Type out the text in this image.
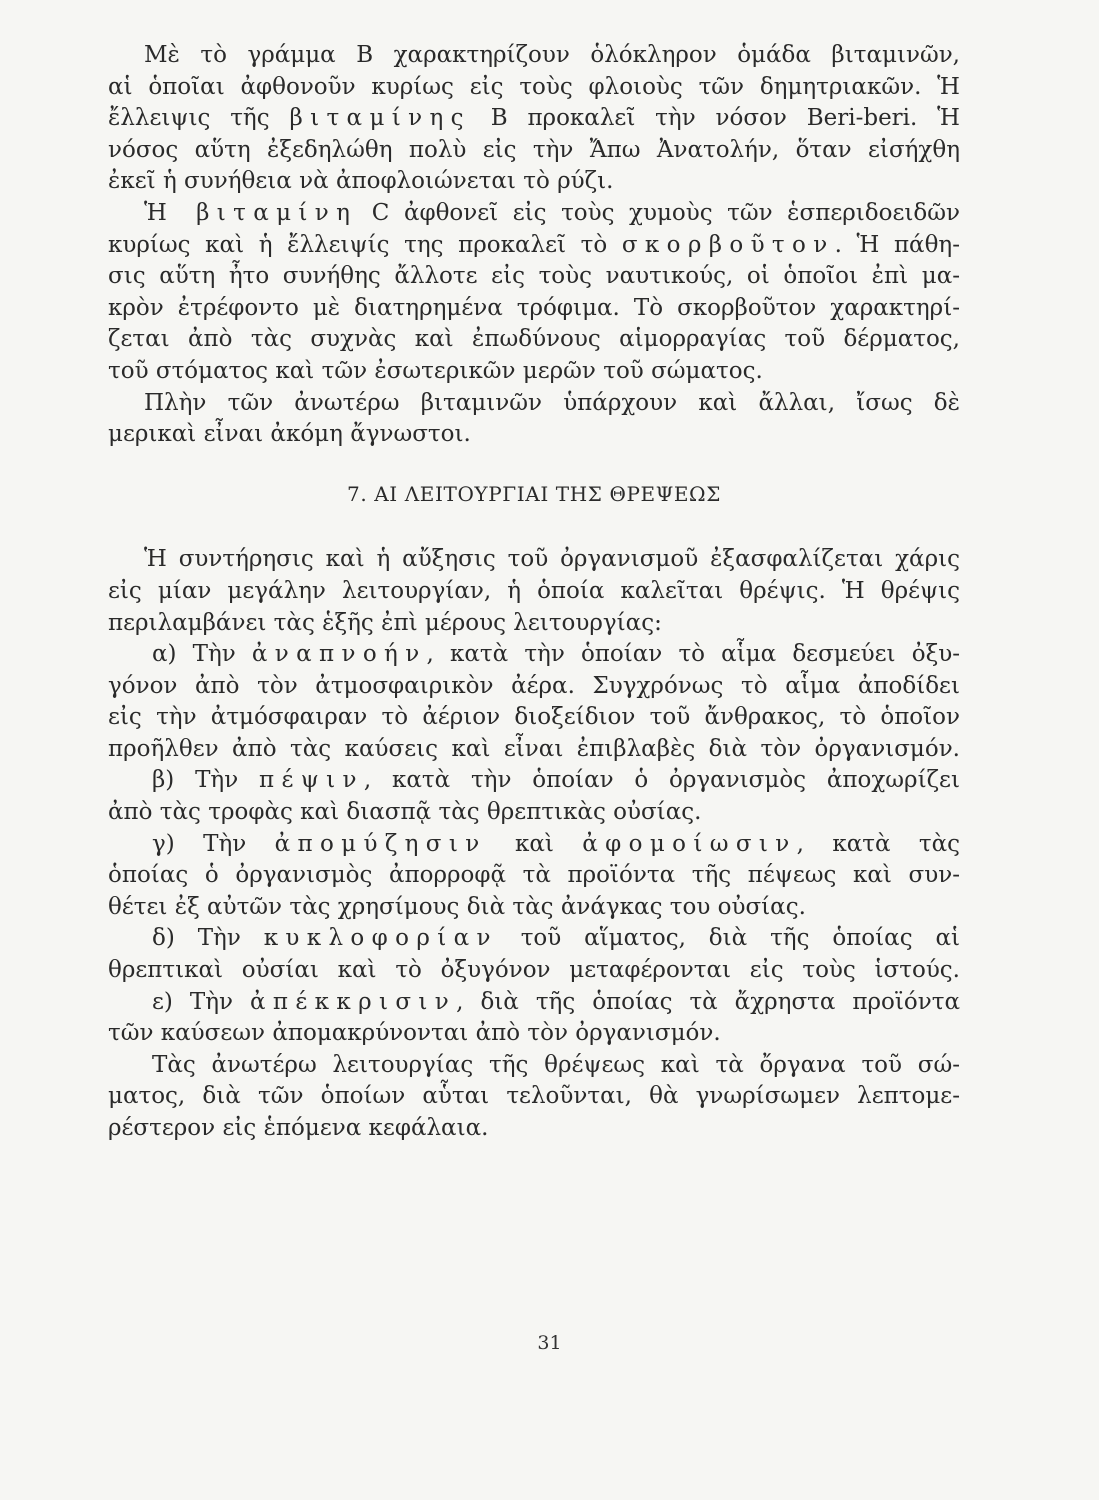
Μὲ τὸ γράμμα Β χαρακτηρίζουν ὁλόκληρον ὁμάδα βιταμινῶν,
αἱ ὁποῖαι ἀφθονοῦν κυρίως εἰς τοὺς φλοιοὺς τῶν δημητριακῶν. Ἡ
ἔλλειψις τῆς βιταμίνης Β προκαλεῖ τὴν νόσον Beri-beri. Ἡ
νόσος αὕτη ἐξεδηλώθη πολὺ εἰς τὴν Ἄπω Ἀνατολήν, ὅταν εἰσήχθη
ἐκεῖ ἡ συνήθεια νὰ ἀποφλοιώνεται τὸ ρύζι.
Ἡ βιταμίνη C ἀφθονεῖ εἰς τοὺς χυμοὺς τῶν ἑσπεριδοειδῶν
κυρίως καὶ ἡ ἔλλειψίς της προκαλεῖ τὸ σκορβοῦτον. Ἡ πάθη-
σις αὕτη ἦτο συνήθης ἄλλοτε εἰς τοὺς ναυτικούς, οἱ ὁποῖοι ἐπὶ μα-
κρὸν ἐτρέφοντο μὲ διατηρημένα τρόφιμα. Τὸ σκορβοῦτον χαρακτηρί-
ζεται ἀπὸ τὰς συχνὰς καὶ ἐπωδύνους αἱμορραγίας τοῦ δέρματος,
τοῦ στόματος καὶ τῶν ἐσωτερικῶν μερῶν τοῦ σώματος.
Πλὴν τῶν ἀνωτέρω βιταμινῶν ὑπάρχουν καὶ ἄλλαι, ἴσως δὲ
μερικαὶ εἶναι ἀκόμη ἄγνωστοι.
7. ΑΙ ΛΕΙΤΟΥΡΓΙΑΙ ΤΗΣ ΘΡΕΨΕΩΣ
Ἡ συντήρησις καὶ ἡ αὔξησις τοῦ ὀργανισμοῦ ἐξασφαλίζεται χάρις
εἰς μίαν μεγάλην λειτουργίαν, ἡ ὁποία καλεῖται θρέψις. Ἡ θρέψις
περιλαμβάνει τὰς ἑξῆς ἐπὶ μέρους λειτουργίας:
α) Τὴν ἀναπνοήν, κατὰ τὴν ὁποίαν τὸ αἷμα δεσμεύει ὀξυ-
γόνον ἀπὸ τὸν ἀτμοσφαιρικὸν ἀέρα. Συγχρόνως τὸ αἷμα ἀποδίδει
εἰς τὴν ἀτμόσφαιραν τὸ ἀέριον διοξείδιον τοῦ ἄνθρακος, τὸ ὁποῖον
προῆλθεν ἀπὸ τὰς καύσεις καὶ εἶναι ἐπιβλαβὲς διὰ τὸν ὀργανισμόν.
β) Τὴν πέψιν, κατὰ τὴν ὁποίαν ὁ ὀργανισμὸς ἀποχωρίζει
ἀπὸ τὰς τροφὰς καὶ διασπᾷ τὰς θρεπτικὰς οὐσίας.
γ) Τὴν ἀπομύζησιν καὶ ἀφομοίωσιν, κατὰ τὰς
ὁποίας ὁ ὀργανισμὸς ἀπορροφᾷ τὰ προϊόντα τῆς πέψεως καὶ συν-
θέτει ἐξ αὐτῶν τὰς χρησίμους διὰ τὰς ἀνάγκας του οὐσίας.
δ) Τὴν κυκλοφορίαν τοῦ αἵματος, διὰ τῆς ὁποίας αἱ
θρεπτικαὶ οὐσίαι καὶ τὸ ὀξυγόνον μεταφέρονται εἰς τοὺς ἱστούς.
ε) Τὴν ἀπέκκρισιν, διὰ τῆς ὁποίας τὰ ἄχρηστα προϊόντα
τῶν καύσεων ἀπομακρύνονται ἀπὸ τὸν ὀργανισμόν.
Τὰς ἀνωτέρω λειτουργίας τῆς θρέψεως καὶ τὰ ὄργανα τοῦ σώ-
ματος, διὰ τῶν ὁποίων αὗται τελοῦνται, θὰ γνωρίσωμεν λεπτομε-
ρέστερον εἰς ἑπόμενα κεφάλαια.
31
